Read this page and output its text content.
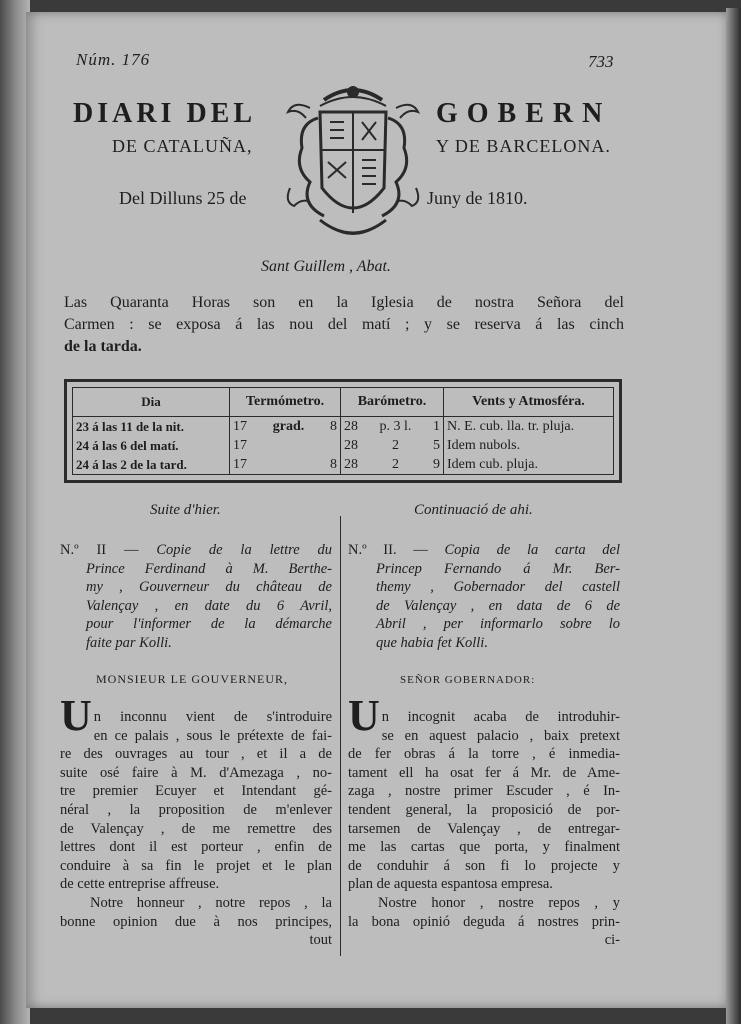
Núm. 176	733
DIARI DEL	GOBERN
DE CATALUÑA,	Y DE BARCELONA.
Del Dilluns 25 de	Juny de 1810.
Sant Guillem , Abat.
Las Quaranta Horas son en la Iglesia de nostra Señora del
Carmen : se exposa á las nou del matí ; y se reserva á las cinch
de la tarda.
Dia	Termómetro.	Barómetro.	Vents y Atmosféra.
23 á las 11 de la nit.	17 grad. 8	28 p. 3 l. 1	N. E. cub. lla. tr. pluja.
24 á las 6 del matí.	17	28 2 5	Idem nubols.
24 á las 2 de la tard.	17 8	28 2 9	Idem cub. pluja.
Suite d'hier.
N.º II — Copie de la lettre du
Prince Ferdinand à M. Berthe-
my , Gouverneur du château de
Valençay , en date du 6 Avril,
pour l'informer de la démarche
faite par Kolli.
MONSIEUR LE GOUVERNEUR,
U n inconnu vient de s'introduire
en ce palais , sous le prétexte de fai-
re des ouvrages au tour , et il a de
suite osé faire à M. d'Amezaga , no-
tre premier Ecuyer et Intendant gé-
néral , la proposition de m'enlever
de Valençay , de me remettre des
lettres dont il est porteur , enfin de
conduire à sa fin le projet et le plan
de cette entreprise affreuse.
Notre honneur , notre repos , la
bonne opinion due à nos principes,
tout
Continuació de ahi.
N.º II. — Copia de la carta del
Princep Fernando á Mr. Ber-
themy , Gobernador del castell
de Valençay , en data de 6 de
Abril , per informarlo sobre lo
que habia fet Kolli.
SEÑOR GOBERNADOR:
U n incognit acaba de introduhir-
se en aquest palacio , baix pretext
de fer obras á la torre , é inmedia-
tament ell ha osat fer á Mr. de Ame-
zaga , nostre primer Escuder , é In-
tendent general, la proposició de por-
tarsemen de Valençay , de entregar-
me las cartas que porta, y finalment
de conduhir á son fi lo projecte y
plan de aquesta espantosa empresa.
Nostre honor , nostre repos , y
la bona opinió deguda á nostres prin-
ci-
